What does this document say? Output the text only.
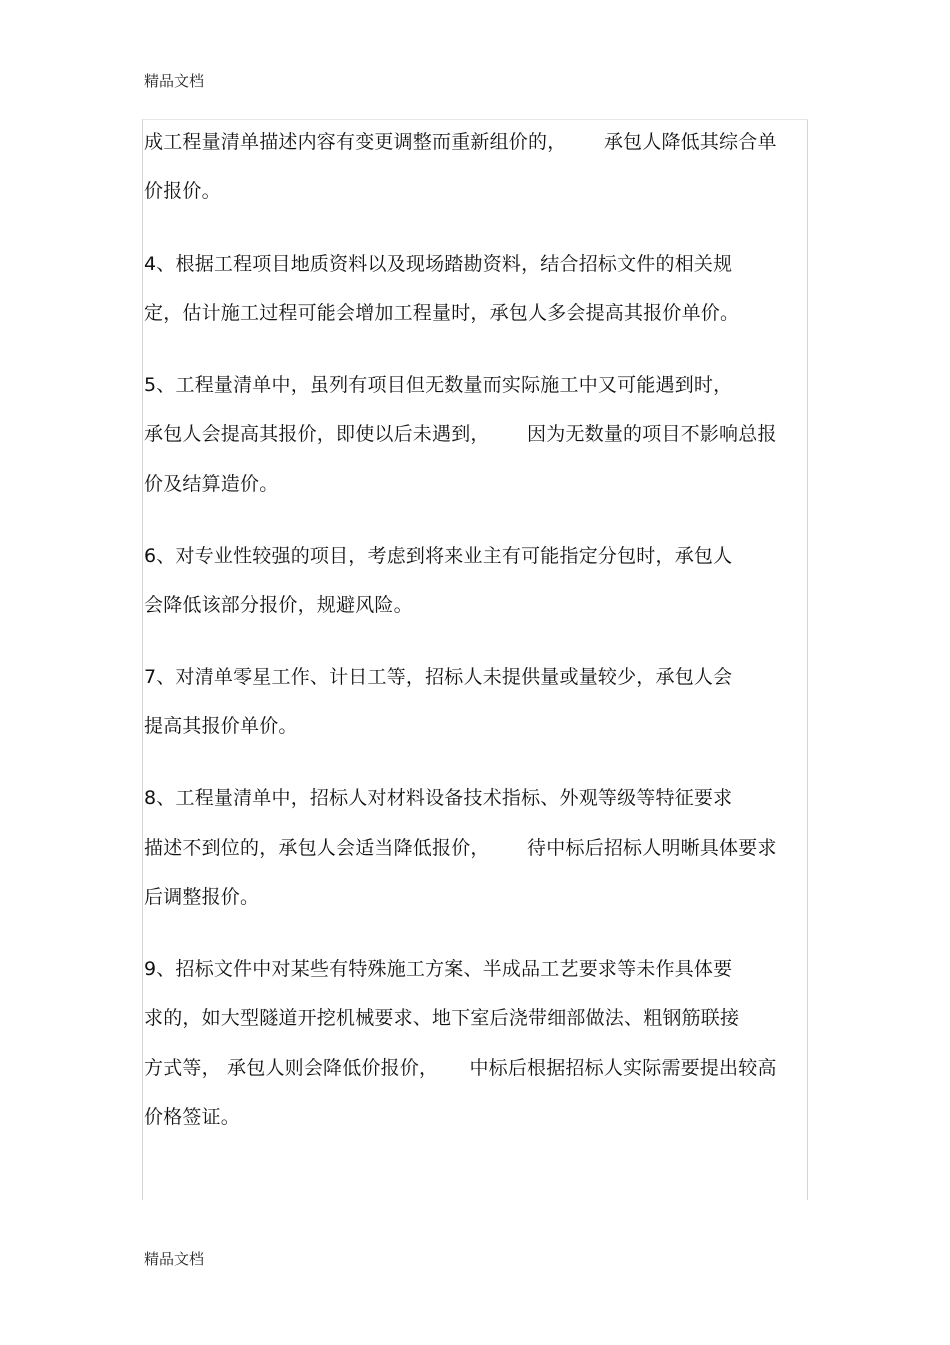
精品文档
成工程量清单描述内容有变更调整而重新组价的，      承包人降低其综合单
价报价。
4、根据工程项目地质资料以及现场踏勘资料，结合招标文件的相关规
定，估计施工过程可能会增加工程量时，承包人多会提高其报价单价。
5、工程量清单中，虽列有项目但无数量而实际施工中又可能遇到时，
承包人会提高其报价，即使以后未遇到，      因为无数量的项目不影响总报
价及结算造价。
6、对专业性较强的项目，考虑到将来业主有可能指定分包时，承包人
会降低该部分报价，规避风险。
7、对清单零星工作、计日工等，招标人未提供量或量较少，承包人会
提高其报价单价。
8、工程量清单中，招标人对材料设备技术指标、外观等级等特征要求
描述不到位的，承包人会适当降低报价，      待中标后招标人明晰具体要求
后调整报价。
9、招标文件中对某些有特殊施工方案、半成品工艺要求等未作具体要
求的，如大型隧道开挖机械要求、地下室后浇带细部做法、粗钢筋联接
方式等， 承包人则会降低价报价，     中标后根据招标人实际需要提出较高
价格签证。
精品文档
